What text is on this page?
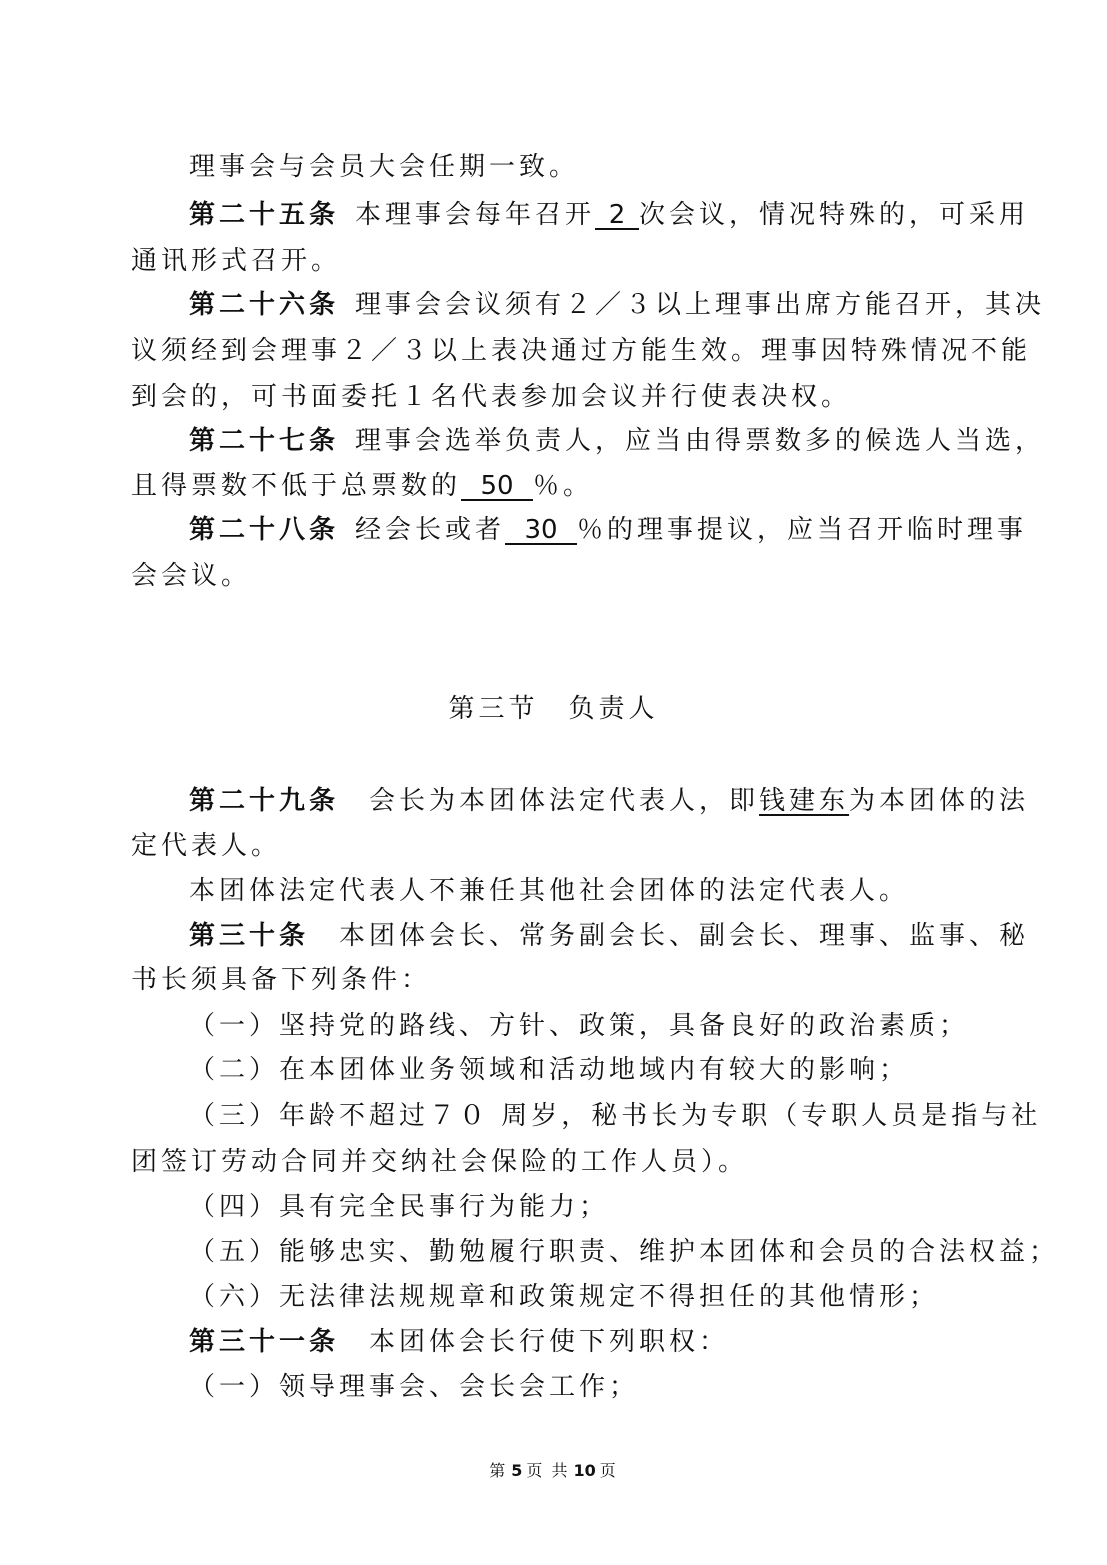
理事会与会员大会任期一致。

第二十五条 本理事会每年召开 2 次会议，情况特殊的，可采用

通讯形式召开。

第二十六条 理事会会议须有２／３以上理事出席方能召开，其决

议须经到会理事２／３以上表决通过方能生效。理事因特殊情况不能

到会的，可书面委托１名代表参加会议并行使表决权。

第二十七条 理事会选举负责人，应当由得票数多的候选人当选，

且得票数不低于总票数的 50 ％。

第二十八条 经会长或者 30 ％的理事提议，应当召开临时理事

会会议。

第三节 负责人

第二十九条 会长为本团体法定代表人，即钱建东为本团体的法

定代表人。

本团体法定代表人不兼任其他社会团体的法定代表人。

第三十条 本团体会长、常务副会长、副会长、理事、监事、秘

书长须具备下列条件：

（一）坚持党的路线、方针、政策，具备良好的政治素质；

（二）在本团体业务领域和活动地域内有较大的影响；

（三）年龄不超过７０ 周岁，秘书长为专职（专职人员是指与社

团签订劳动合同并交纳社会保险的工作人员）。

（四）具有完全民事行为能力；

（五）能够忠实、勤勉履行职责、维护本团体和会员的合法权益；

（六）无法律法规规章和政策规定不得担任的其他情形；

第三十一条 本团体会长行使下列职权：

（一）领导理事会、会长会工作；

第 5 页 共 10 页
